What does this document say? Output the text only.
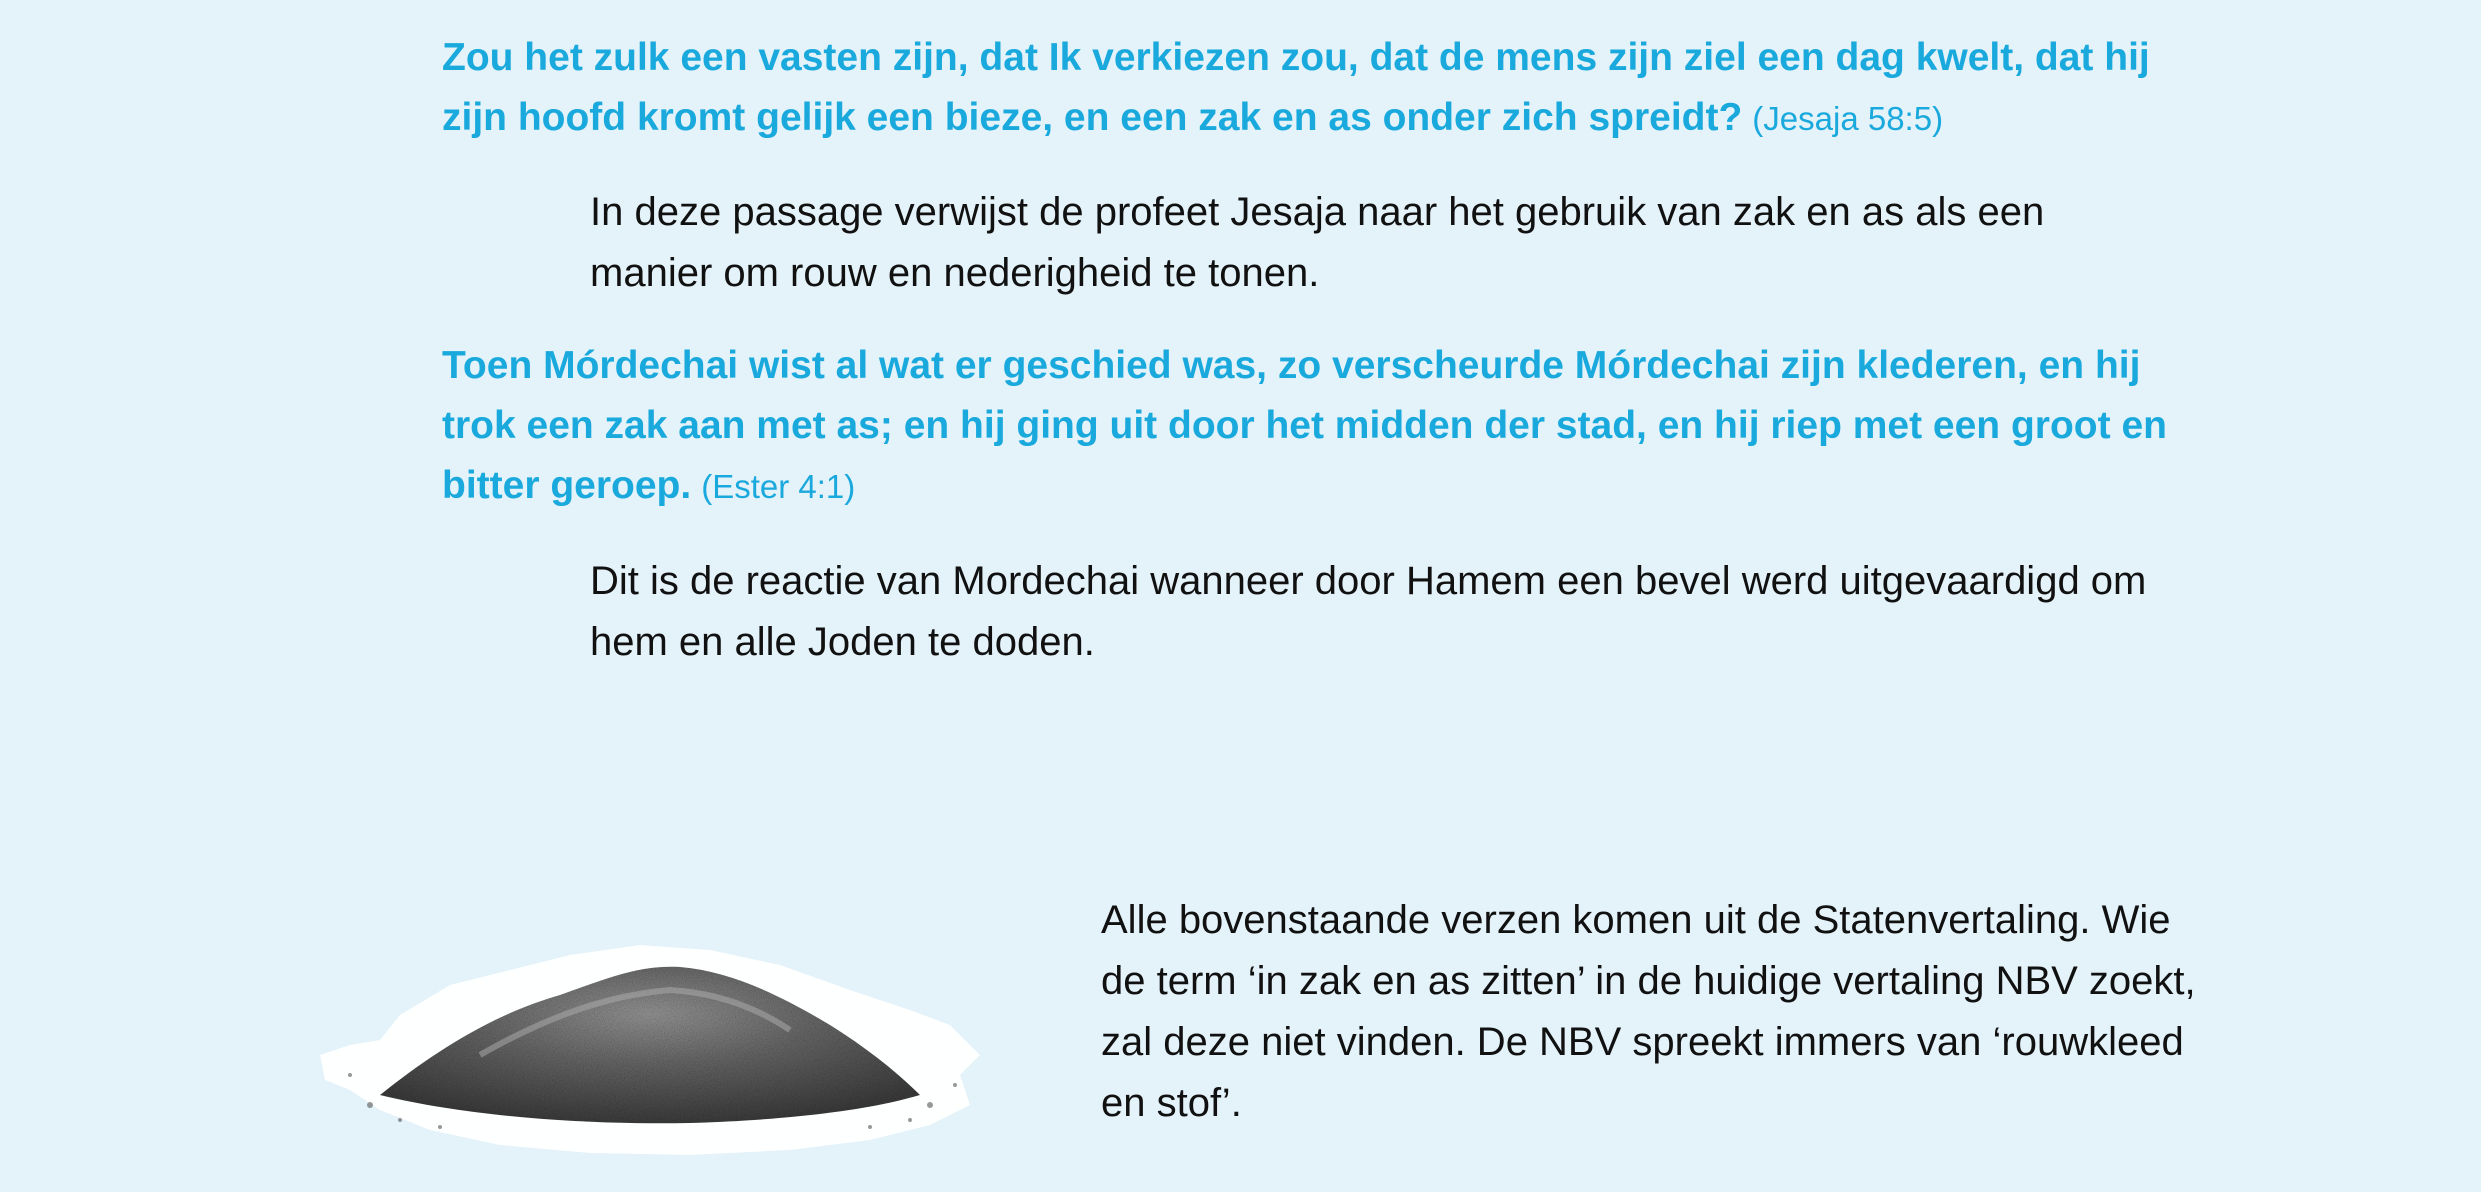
Zou het zulk een vasten zijn, dat Ik verkiezen zou, dat de mens zijn ziel een dag kwelt, dat hij zijn hoofd kromt gelijk een bieze, en een zak en as onder zich spreidt? (Jesaja 58:5)

In deze passage verwijst de profeet Jesaja naar het gebruik van zak en as als een manier om rouw en nederigheid te tonen.

Toen Mórdechai wist al wat er geschied was, zo verscheurde Mórdechai zijn klederen, en hij trok een zak aan met as; en hij ging uit door het midden der stad, en hij riep met een groot en bitter geroep. (Ester 4:1)

Dit is de reactie van Mordechai wanneer door Hamem een bevel werd uitgevaardigd om hem en alle Joden te doden.

Alle bovenstaande verzen komen uit de Statenvertaling. Wie de term ‘in zak en as zitten’ in de huidige vertaling NBV zoekt, zal deze niet vinden. De NBV spreekt immers van ‘rouwkleed en stof’.
